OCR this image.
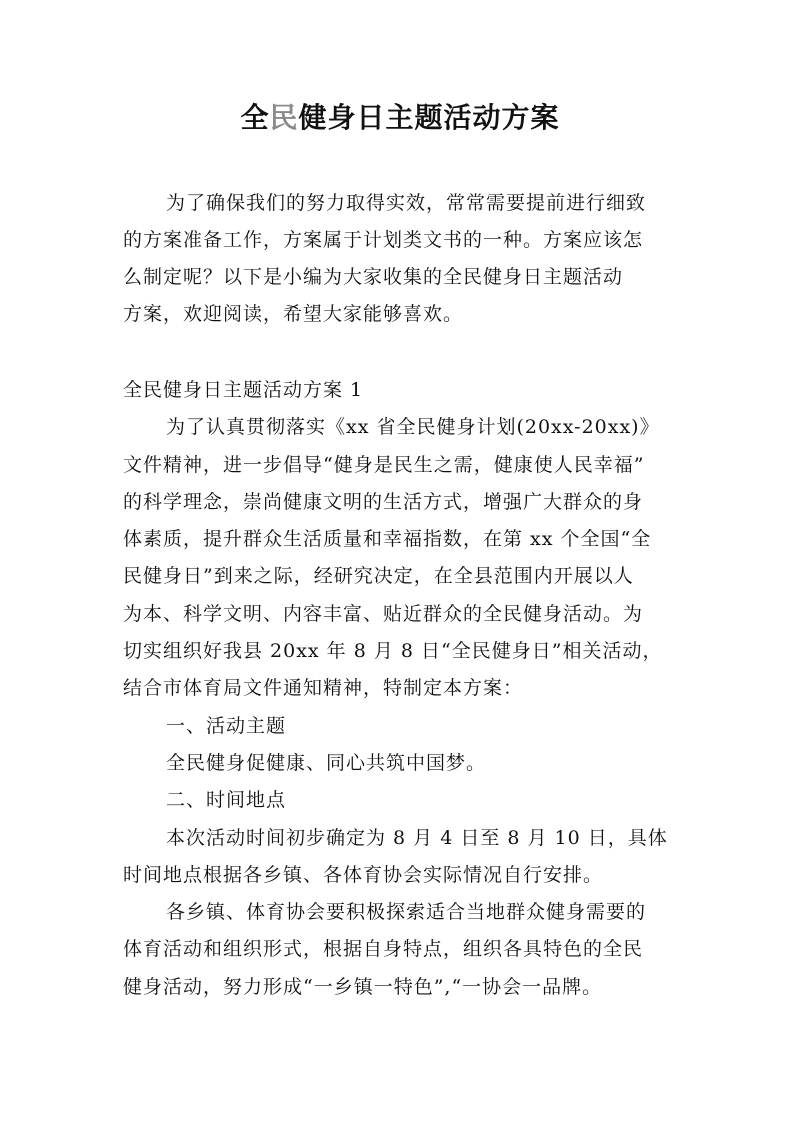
全民健身日主题活动方案
为了确保我们的努力取得实效，常常需要提前进行细致
的方案准备工作，方案属于计划类文书的一种。方案应该怎
么制定呢？以下是小编为大家收集的全民健身日主题活动
方案，欢迎阅读，希望大家能够喜欢。
全民健身日主题活动方案 1
为了认真贯彻落实《xx 省全民健身计划(20xx-20xx)》
文件精神，进一步倡导“健身是民生之需，健康使人民幸福”
的科学理念，崇尚健康文明的生活方式，增强广大群众的身
体素质，提升群众生活质量和幸福指数，在第 xx 个全国“全
民健身日”到来之际，经研究决定，在全县范围内开展以人
为本、科学文明、内容丰富、贴近群众的全民健身活动。为
切实组织好我县 20xx 年 8 月 8 日“全民健身日”相关活动，
结合市体育局文件通知精神，特制定本方案：
一、活动主题
全民健身促健康、同心共筑中国梦。
二、时间地点
本次活动时间初步确定为 8 月 4 日至 8 月 10 日，具体
时间地点根据各乡镇、各体育协会实际情况自行安排。
各乡镇、体育协会要积极探索适合当地群众健身需要的
体育活动和组织形式，根据自身特点，组织各具特色的全民
健身活动，努力形成“一乡镇一特色”,“一协会一品牌。
